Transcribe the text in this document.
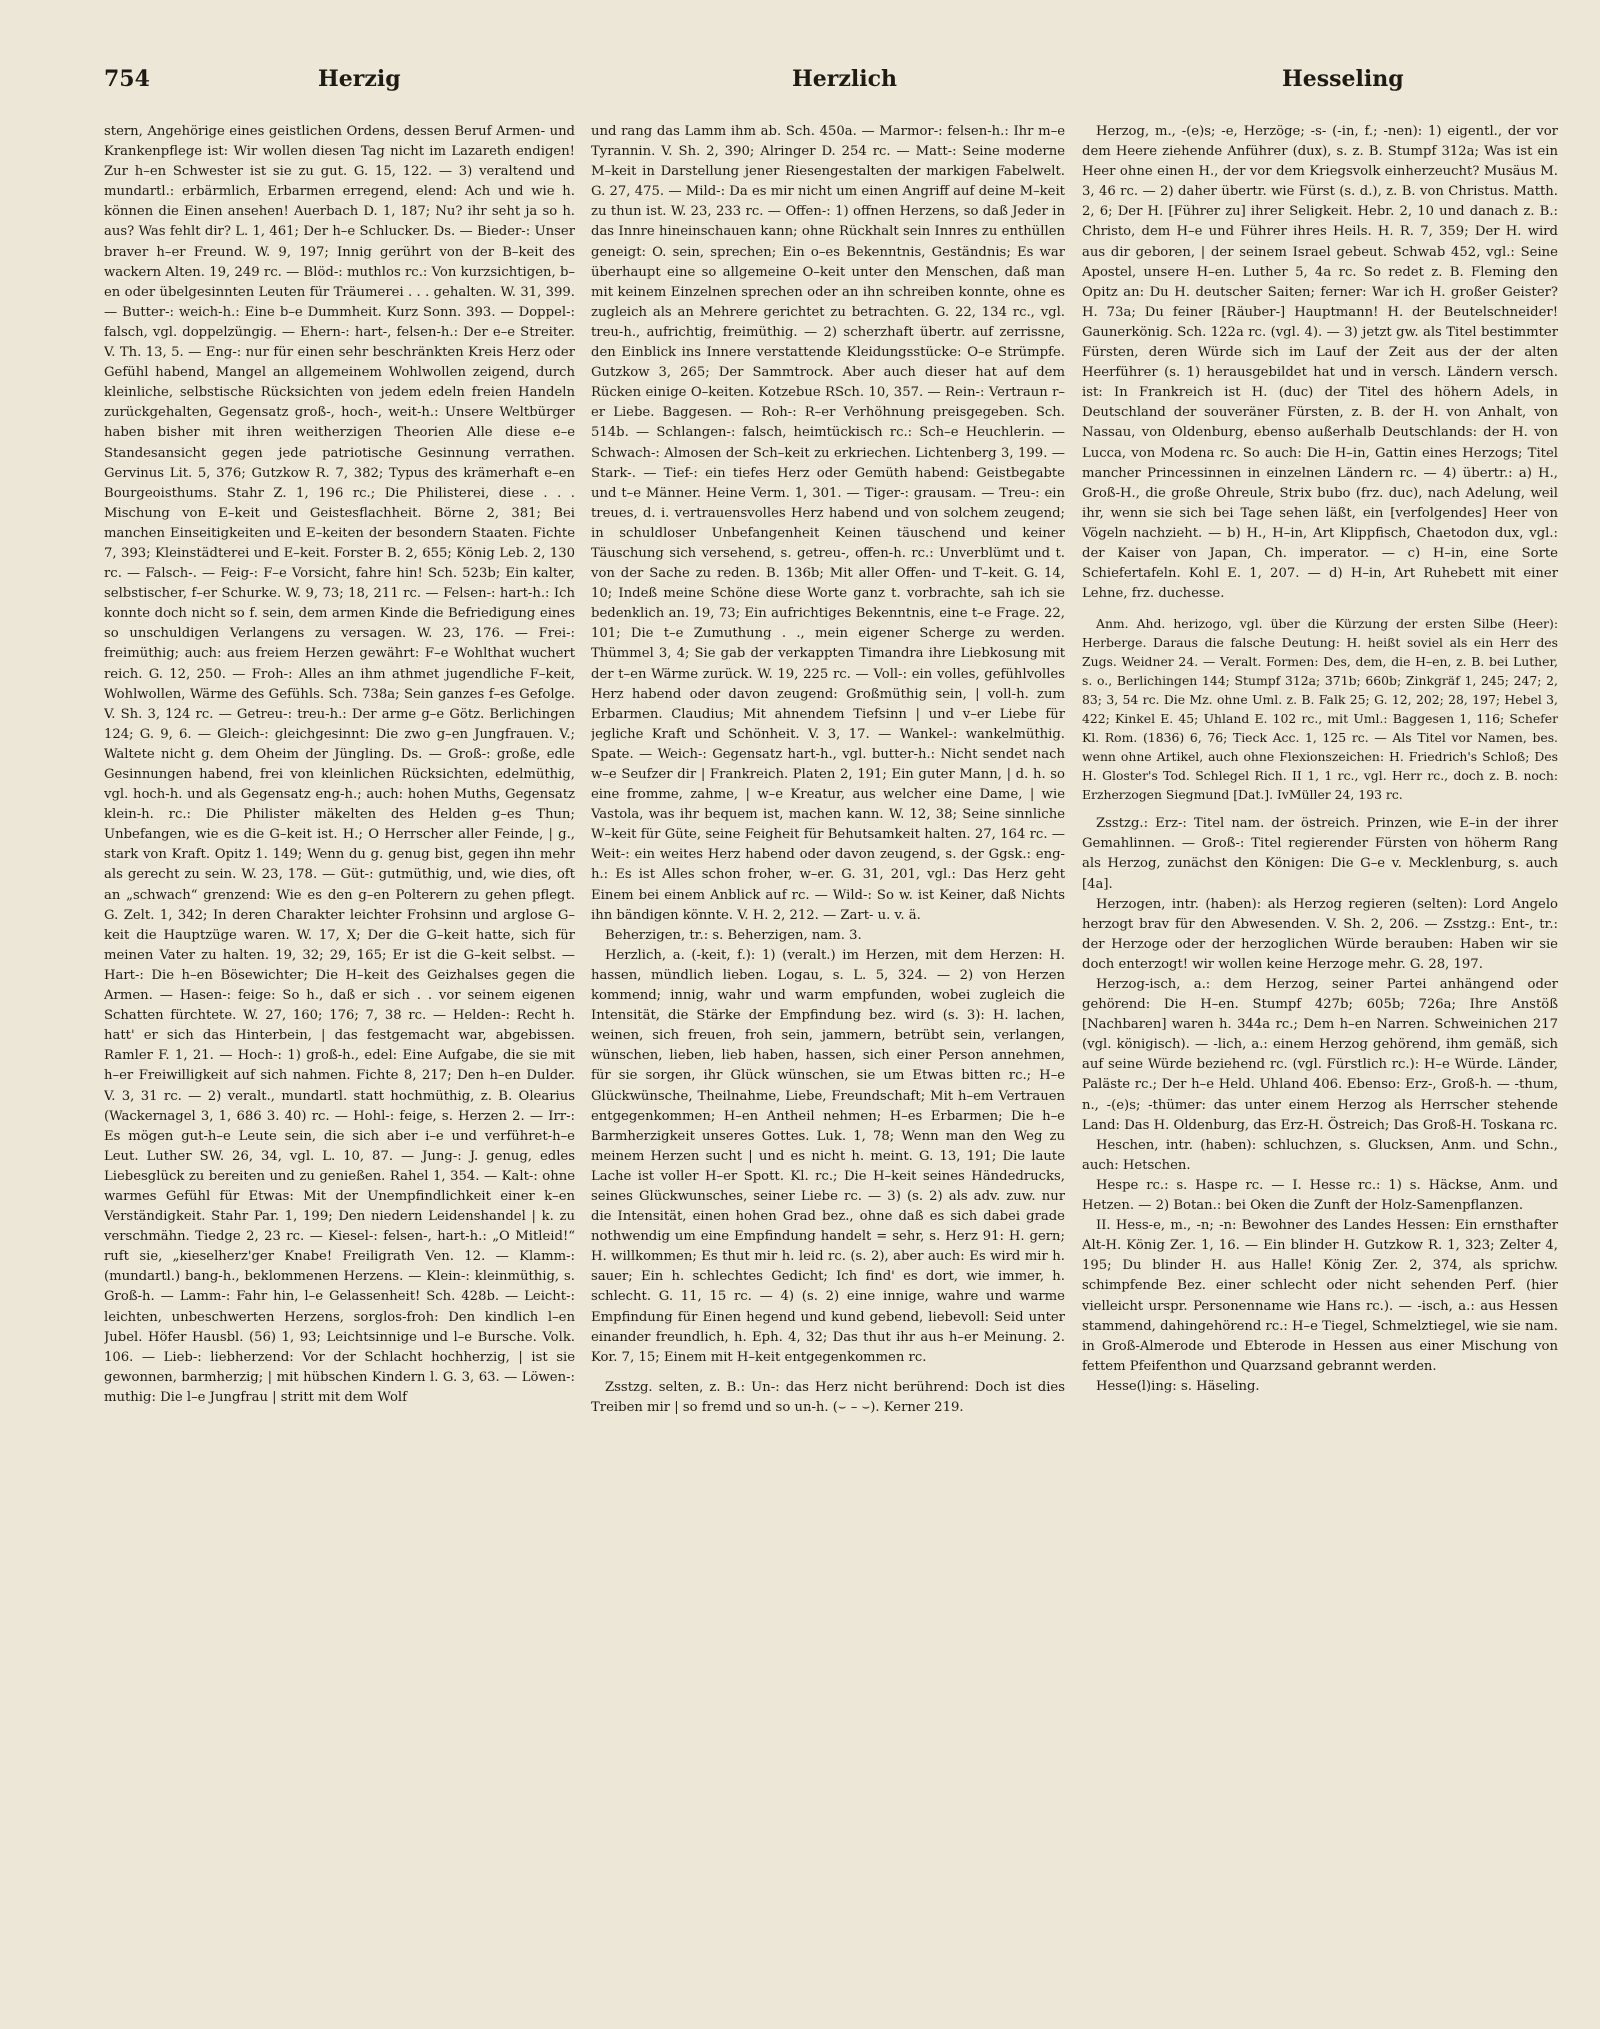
754	Herzig	Herzlich	Hesseling

stern, Angehörige eines geistlichen Ordens, dessen Beruf Armen- und Krankenpflege ist: Wir wollen diesen Tag nicht im Lazareth endigen! Zur h–en Schwester ist sie zu gut. G. 15, 122. — 3) veraltend und mundartl.: erbärmlich, Erbarmen erregend, elend: Ach und wie h. können die Einen ansehen! Auerbach D. 1, 187; Nu? ihr seht ja so h. aus? Was fehlt dir? L. 1, 461; Der h–e Schlucker. Ds. — Bieder-: Unser braver h–er Freund. W. 9, 197; Innig gerührt von der B–keit des wackern Alten. 19, 249 rc. — Blöd-: muthlos rc.: Von kurzsichtigen, b–en oder übelgesinnten Leuten für Träumerei . . . gehalten. W. 31, 399. — Butter-: weich-h.: Eine b–e Dummheit. Kurz Sonn. 393. — Doppel-: falsch, vgl. doppelzüngig. — Ehern-: hart-, felsen-h.: Der e–e Streiter. V. Th. 13, 5. — Eng-: nur für einen sehr beschränkten Kreis Herz oder Gefühl habend, Mangel an allgemeinem Wohlwollen zeigend, durch kleinliche, selbstische Rücksichten von jedem edeln freien Handeln zurückgehalten, Gegensatz groß-, hoch-, weit-h.: Unsere Weltbürger haben bisher mit ihren weitherzigen Theorien Alle diese e–e Standesansicht gegen jede patriotische Gesinnung verrathen. Gervinus Lit. 5, 376; Gutzkow R. 7, 382; Typus des krämerhaft e–en Bourgeoisthums. Stahr Z. 1, 196 rc.; Die Philisterei, diese . . . Mischung von E–keit und Geistesflachheit. Börne 2, 381; Bei manchen Einseitigkeiten und E–keiten der besondern Staaten. Fichte 7, 393; Kleinstädterei und E–keit. Forster B. 2, 655; König Leb. 2, 130 rc. — Falsch-. — Feig-: F–e Vorsicht, fahre hin! Sch. 523b; Ein kalter, selbstischer, f–er Schurke. W. 9, 73; 18, 211 rc. — Felsen-: hart-h.: Ich konnte doch nicht so f. sein, dem armen Kinde die Befriedigung eines so unschuldigen Verlangens zu versagen. W. 23, 176. — Frei-: freimüthig; auch: aus freiem Herzen gewährt: F–e Wohlthat wuchert reich. G. 12, 250. — Froh-: Alles an ihm athmet jugendliche F–keit, Wohlwollen, Wärme des Gefühls. Sch. 738a; Sein ganzes f–es Gefolge. V. Sh. 3, 124 rc. — Getreu-: treu-h.: Der arme g–e Götz. Berlichingen 124; G. 9, 6. — Gleich-: gleichgesinnt: Die zwo g–en Jungfrauen. V.; Waltete nicht g. dem Oheim der Jüngling. Ds. — Groß-: große, edle Gesinnungen habend, frei von kleinlichen Rücksichten, edelmüthig, vgl. hoch-h. und als Gegensatz eng-h.; auch: hohen Muths, Gegensatz klein-h. rc.: Die Philister mäkelten des Helden g–es Thun; Unbefangen, wie es die G–keit ist. H.; O Herrscher aller Feinde, | g., stark von Kraft. Opitz 1. 149; Wenn du g. genug bist, gegen ihn mehr als gerecht zu sein. W. 23, 178. — Güt-: gutmüthig, und, wie dies, oft an „schwach“ grenzend: Wie es den g–en Polterern zu gehen pflegt. G. Zelt. 1, 342; In deren Charakter leichter Frohsinn und arglose G–keit die Hauptzüge waren. W. 17, X; Der die G–keit hatte, sich für meinen Vater zu halten. 19, 32; 29, 165; Er ist die G–keit selbst. — Hart-: Die h–en Bösewichter; Die H–keit des Geizhalses gegen die Armen. — Hasen-: feige: So h., daß er sich . . vor seinem eigenen Schatten fürchtete. W. 27, 160; 176; 7, 38 rc. — Helden-: Recht h. hatt' er sich das Hinterbein, | das festgemacht war, abgebissen. Ramler F. 1, 21. — Hoch-: 1) groß-h., edel: Eine Aufgabe, die sie mit h–er Freiwilligkeit auf sich nahmen. Fichte 8, 217; Den h–en Dulder. V. 3, 31 rc. — 2) veralt., mundartl. statt hochmüthig, z. B. Olearius (Wackernagel 3, 1, 686 3. 40) rc. — Hohl-: feige, s. Herzen 2. — Irr-: Es mögen gut-h–e Leute sein, die sich aber i–e und verführet-h–e Leut. Luther SW. 26, 34, vgl. L. 10, 87. — Jung-: J. genug, edles Liebesglück zu bereiten und zu genießen. Rahel 1, 354. — Kalt-: ohne warmes Gefühl für Etwas: Mit der Unempfindlichkeit einer k–en Verständigkeit. Stahr Par. 1, 199; Den niedern Leidenshandel | k. zu verschmähn. Tiedge 2, 23 rc. — Kiesel-: felsen-, hart-h.: „O Mitleid!“ ruft sie, „kieselherz'ger Knabe! Freiligrath Ven. 12. — Klamm-: (mundartl.) bang-h., beklommenen Herzens. — Klein-: kleinmüthig, s. Groß-h. — Lamm-: Fahr hin, l–e Gelassenheit! Sch. 428b. — Leicht-: leichten, unbeschwerten Herzens, sorglos-froh: Den kindlich l–en Jubel. Höfer Hausbl. (56) 1, 93; Leichtsinnige und l–e Bursche. Volk. 106. — Lieb-: liebherzend: Vor der Schlacht hochherzig, | ist sie gewonnen, barmherzig; | mit hübschen Kindern l. G. 3, 63. — Löwen-: muthig: Die l–e Jungfrau | stritt mit dem Wolf

und rang das Lamm ihm ab. Sch. 450a. — Marmor-: felsen-h.: Ihr m–e Tyrannin. V. Sh. 2, 390; Alringer D. 254 rc. — Matt-: Seine moderne M–keit in Darstellung jener Riesengestalten der markigen Fabelwelt. G. 27, 475. — Mild-: Da es mir nicht um einen Angriff auf deine M–keit zu thun ist. W. 23, 233 rc. — Offen-: 1) offnen Herzens, so daß Jeder in das Innre hineinschauen kann; ohne Rückhalt sein Innres zu enthüllen geneigt: O. sein, sprechen; Ein o–es Bekenntnis, Geständnis; Es war überhaupt eine so allgemeine O–keit unter den Menschen, daß man mit keinem Einzelnen sprechen oder an ihn schreiben konnte, ohne es zugleich als an Mehrere gerichtet zu betrachten. G. 22, 134 rc., vgl. treu-h., aufrichtig, freimüthig. — 2) scherzhaft übertr. auf zerrissne, den Einblick ins Innere verstattende Kleidungsstücke: O–e Strümpfe. Gutzkow 3, 265; Der Sammtrock. Aber auch dieser hat auf dem Rücken einige O–keiten. Kotzebue RSch. 10, 357. — Rein-: Vertraun r–er Liebe. Baggesen. — Roh-: R–er Verhöhnung preisgegeben. Sch. 514b. — Schlangen-: falsch, heimtückisch rc.: Sch–e Heuchlerin. — Schwach-: Almosen der Sch–keit zu erkriechen. Lichtenberg 3, 199. — Stark-. — Tief-: ein tiefes Herz oder Gemüth habend: Geistbegabte und t–e Männer. Heine Verm. 1, 301. — Tiger-: grausam. — Treu-: ein treues, d. i. vertrauensvolles Herz habend und von solchem zeugend; in schuldloser Unbefangenheit Keinen täuschend und keiner Täuschung sich versehend, s. getreu-, offen-h. rc.: Unverblümt und t. von der Sache zu reden. B. 136b; Mit aller Offen- und T–keit. G. 14, 10; Indeß meine Schöne diese Worte ganz t. vorbrachte, sah ich sie bedenklich an. 19, 73; Ein aufrichtiges Bekenntnis, eine t–e Frage. 22, 101; Die t–e Zumuthung . ., mein eigener Scherge zu werden. Thümmel 3, 4; Sie gab der verkappten Timandra ihre Liebkosung mit der t–en Wärme zurück. W. 19, 225 rc. — Voll-: ein volles, gefühlvolles Herz habend oder davon zeugend: Großmüthig sein, | voll-h. zum Erbarmen. Claudius; Mit ahnendem Tiefsinn | und v–er Liebe für jegliche Kraft und Schönheit. V. 3, 17. — Wankel-: wankelmüthig. Spate. — Weich-: Gegensatz hart-h., vgl. butter-h.: Nicht sendet nach w–e Seufzer dir | Frankreich. Platen 2, 191; Ein guter Mann, | d. h. so eine fromme, zahme, | w–e Kreatur, aus welcher eine Dame, | wie Vastola, was ihr bequem ist, machen kann. W. 12, 38; Seine sinnliche W–keit für Güte, seine Feigheit für Behutsamkeit halten. 27, 164 rc. — Weit-: ein weites Herz habend oder davon zeugend, s. der Ggsk.: eng-h.: Es ist Alles schon froher, w–er. G. 31, 201, vgl.: Das Herz geht Einem bei einem Anblick auf rc. — Wild-: So w. ist Keiner, daß Nichts ihn bändigen könnte. V. H. 2, 212. — Zart- u. v. ä.

Beherzigen, tr.: s. Beherzigen, nam. 3.

Herzlich, a. (-keit, f.): 1) (veralt.) im Herzen, mit dem Herzen: H. hassen, mündlich lieben. Logau, s. L. 5, 324. — 2) von Herzen kommend; innig, wahr und warm empfunden, wobei zugleich die Intensität, die Stärke der Empfindung bez. wird (s. 3): H. lachen, weinen, sich freuen, froh sein, jammern, betrübt sein, verlangen, wünschen, lieben, lieb haben, hassen, sich einer Person annehmen, für sie sorgen, ihr Glück wünschen, sie um Etwas bitten rc.; H–e Glückwünsche, Theilnahme, Liebe, Freundschaft; Mit h–em Vertrauen entgegenkommen; H–en Antheil nehmen; H–es Erbarmen; Die h–e Barmherzigkeit unseres Gottes. Luk. 1, 78; Wenn man den Weg zu meinem Herzen sucht | und es nicht h. meint. G. 13, 191; Die laute Lache ist voller H–er Spott. Kl. rc.; Die H–keit seines Händedrucks, seines Glückwunsches, seiner Liebe rc. — 3) (s. 2) als adv. zuw. nur die Intensität, einen hohen Grad bez., ohne daß es sich dabei grade nothwendig um eine Empfindung handelt = sehr, s. Herz 91: H. gern; H. willkommen; Es thut mir h. leid rc. (s. 2), aber auch: Es wird mir h. sauer; Ein h. schlechtes Gedicht; Ich find' es dort, wie immer, h. schlecht. G. 11, 15 rc. — 4) (s. 2) eine innige, wahre und warme Empfindung für Einen hegend und kund gebend, liebevoll: Seid unter einander freundlich, h. Eph. 4, 32; Das thut ihr aus h–er Meinung. 2. Kor. 7, 15; Einem mit H–keit entgegenkommen rc.

Zsstzg. selten, z. B.: Un-: das Herz nicht berührend: Doch ist dies Treiben mir | so fremd und so un-h. (⌣ – ⌣). Kerner 219.

Herzog, m., -(e)s; -e, Herzöge; -s- (-in, f.; -nen): 1) eigentl., der vor dem Heere ziehende Anführer (dux), s. z. B. Stumpf 312a; Was ist ein Heer ohne einen H., der vor dem Kriegsvolk einherzeucht? Musäus M. 3, 46 rc. — 2) daher übertr. wie Fürst (s. d.), z. B. von Christus. Matth. 2, 6; Der H. [Führer zu] ihrer Seligkeit. Hebr. 2, 10 und danach z. B.: Christo, dem H–e und Führer ihres Heils. H. R. 7, 359; Der H. wird aus dir geboren, | der seinem Israel gebeut. Schwab 452, vgl.: Seine Apostel, unsere H–en. Luther 5, 4a rc. So redet z. B. Fleming den Opitz an: Du H. deutscher Saiten; ferner: War ich H. großer Geister? H. 73a; Du feiner [Räuber-] Hauptmann! H. der Beutelschneider! Gaunerkönig. Sch. 122a rc. (vgl. 4). — 3) jetzt gw. als Titel bestimmter Fürsten, deren Würde sich im Lauf der Zeit aus der der alten Heerführer (s. 1) herausgebildet hat und in versch. Ländern versch. ist: In Frankreich ist H. (duc) der Titel des höhern Adels, in Deutschland der souveräner Fürsten, z. B. der H. von Anhalt, von Nassau, von Oldenburg, ebenso außerhalb Deutschlands: der H. von Lucca, von Modena rc. So auch: Die H–in, Gattin eines Herzogs; Titel mancher Princessinnen in einzelnen Ländern rc. — 4) übertr.: a) H., Groß-H., die große Ohreule, Strix bubo (frz. duc), nach Adelung, weil ihr, wenn sie sich bei Tage sehen läßt, ein [verfolgendes] Heer von Vögeln nachzieht. — b) H., H–in, Art Klippfisch, Chaetodon dux, vgl.: der Kaiser von Japan, Ch. imperator. — c) H–in, eine Sorte Schiefertafeln. Kohl E. 1, 207. — d) H–in, Art Ruhebett mit einer Lehne, frz. duchesse.

Anm. Ahd. herizogo, vgl. über die Kürzung der ersten Silbe (Heer): Herberge. Daraus die falsche Deutung: H. heißt soviel als ein Herr des Zugs. Weidner 24. — Veralt. Formen: Des, dem, die H–en, z. B. bei Luther, s. o., Berlichingen 144; Stumpf 312a; 371b; 660b; Zinkgräf 1, 245; 247; 2, 83; 3, 54 rc. Die Mz. ohne Uml. z. B. Falk 25; G. 12, 202; 28, 197; Hebel 3, 422; Kinkel E. 45; Uhland E. 102 rc., mit Uml.: Baggesen 1, 116; Schefer Kl. Rom. (1836) 6, 76; Tieck Acc. 1, 125 rc. — Als Titel vor Namen, bes. wenn ohne Artikel, auch ohne Flexionszeichen: H. Friedrich's Schloß; Des H. Gloster's Tod. Schlegel Rich. II 1, 1 rc., vgl. Herr rc., doch z. B. noch: Erzherzogen Siegmund [Dat.]. IvMüller 24, 193 rc.

Zsstzg.: Erz-: Titel nam. der östreich. Prinzen, wie E–in der ihrer Gemahlinnen. — Groß-: Titel regierender Fürsten von höherm Rang als Herzog, zunächst den Königen: Die G–e v. Mecklenburg, s. auch [4a].

Herzogen, intr. (haben): als Herzog regieren (selten): Lord Angelo herzogt brav für den Abwesenden. V. Sh. 2, 206. — Zsstzg.: Ent-, tr.: der Herzoge oder der herzoglichen Würde berauben: Haben wir sie doch enterzogt! wir wollen keine Herzoge mehr. G. 28, 197.

Herzog-isch, a.: dem Herzog, seiner Partei anhängend oder gehörend: Die H–en. Stumpf 427b; 605b; 726a; Ihre Anstöß [Nachbaren] waren h. 344a rc.; Dem h–en Narren. Schweinichen 217 (vgl. königisch). — -lich, a.: einem Herzog gehörend, ihm gemäß, sich auf seine Würde beziehend rc. (vgl. Fürstlich rc.): H–e Würde. Länder, Paläste rc.; Der h–e Held. Uhland 406. Ebenso: Erz-, Groß-h. — -thum, n., -(e)s; -thümer: das unter einem Herzog als Herrscher stehende Land: Das H. Oldenburg, das Erz-H. Östreich; Das Groß-H. Toskana rc.

Heschen, intr. (haben): schluchzen, s. Glucksen, Anm. und Schn., auch: Hetschen.

Hespe rc.: s. Haspe rc. — I. Hesse rc.: 1) s. Häckse, Anm. und Hetzen. — 2) Botan.: bei Oken die Zunft der Holz-Samenpflanzen.

II. Hess-e, m., -n; -n: Bewohner des Landes Hessen: Ein ernsthafter Alt-H. König Zer. 1, 16. — Ein blinder H. Gutzkow R. 1, 323; Zelter 4, 195; Du blinder H. aus Halle! König Zer. 2, 374, als sprichw. schimpfende Bez. einer schlecht oder nicht sehenden Perf. (hier vielleicht urspr. Personenname wie Hans rc.). — -isch, a.: aus Hessen stammend, dahingehörend rc.: H–e Tiegel, Schmelztiegel, wie sie nam. in Groß-Almerode und Ebterode in Hessen aus einer Mischung von fettem Pfeifenthon und Quarzsand gebrannt werden.

Hesse(l)ing: s. Häseling.
